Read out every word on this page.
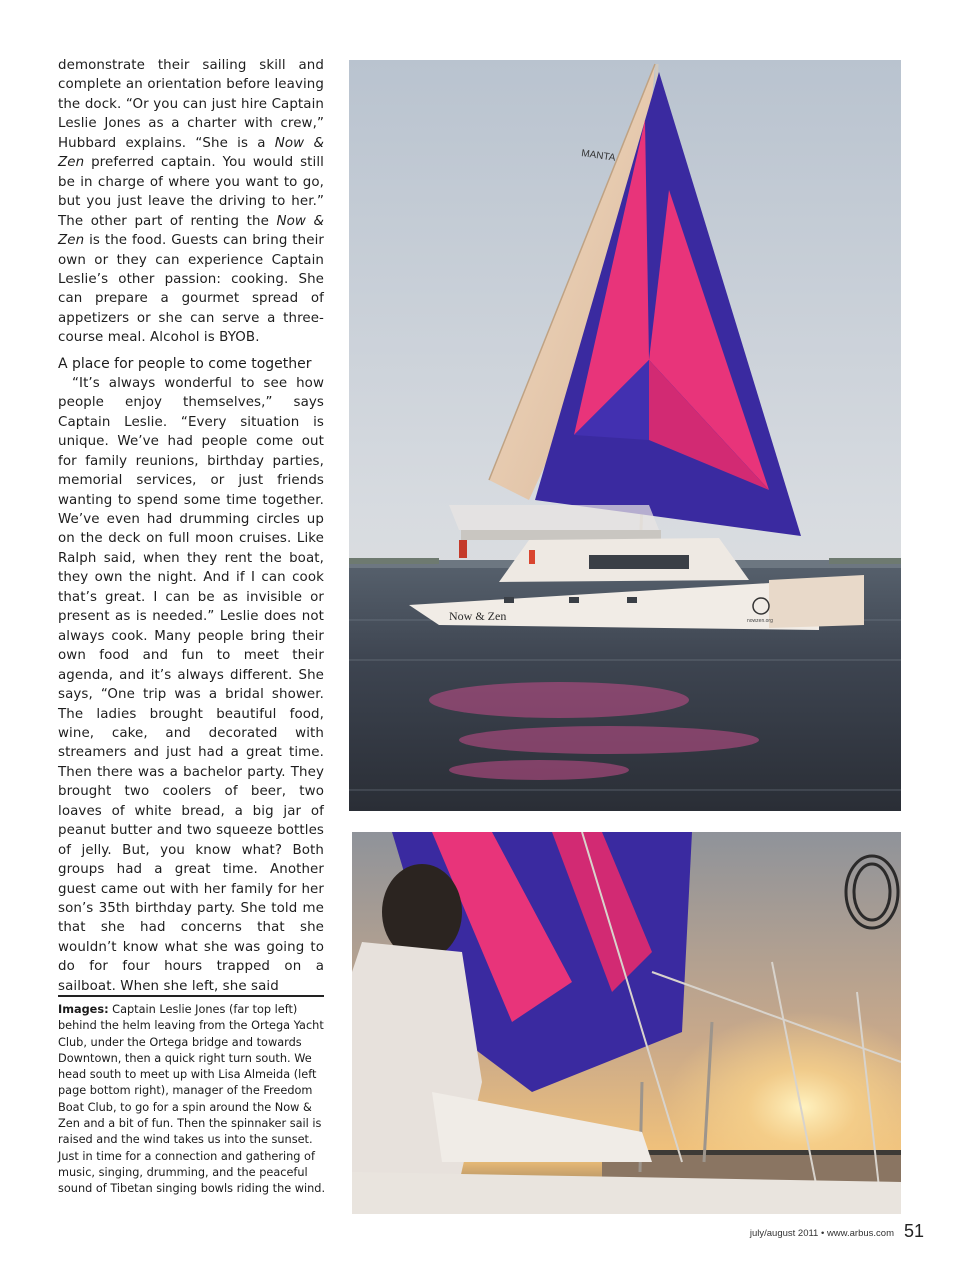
demonstrate their sailing skill and complete an orientation before leaving the dock. “Or you can just hire Captain Leslie Jones as a charter with crew,” Hubbard explains. “She is a Now & Zen preferred captain. You would still be in charge of where you want to go, but you just leave the driving to her.” The other part of renting the Now & Zen is the food. Guests can bring their own or they can experience Captain Leslie’s other passion: cooking. She can prepare a gourmet spread of appetizers or she can serve a three-course meal. Alcohol is BYOB.

A place for people to come together

“It’s always wonderful to see how people enjoy themselves,” says Captain Leslie. “Every situation is unique. We’ve had people come out for family reunions, birthday parties, memorial services, or just friends wanting to spend some time together. We’ve even had drumming circles up on the deck on full moon cruises. Like Ralph said, when they rent the boat, they own the night. And if I can cook that’s great. I can be as invisible or present as is needed.” Leslie does not always cook. Many people bring their own food and fun to meet their agenda, and it’s always different. She says, “One trip was a bridal shower. The ladies brought beautiful food, wine, cake, and decorated with streamers and just had a great time. Then there was a bachelor party. They brought two coolers of beer, two loaves of white bread, a big jar of peanut butter and two squeeze bottles of jelly. But, you know what? Both groups had a great time. Another guest came out with her family for her son’s 35th birthday party. She told me that she had concerns that she wouldn’t know what she was going to do for four hours trapped on a sailboat. When she left, she said

Images: Captain Leslie Jones (far top left) behind the helm leaving from the Ortega Yacht Club, under the Ortega bridge and towards Downtown, then a quick right turn south. We head south to meet up with Lisa Almeida (left page bottom right), manager of the Freedom Boat Club, to go for a spin around the Now & Zen and a bit of fun. Then the spinnaker sail is raised and the wind takes us into the sunset. Just in time for a connection and gathering of music, singing, drumming, and the peaceful sound of Tibetan singing bowls riding the wind.

MANTA
Now & Zen	nowzen.org
july/august 2011 • www.arbus.com 51
